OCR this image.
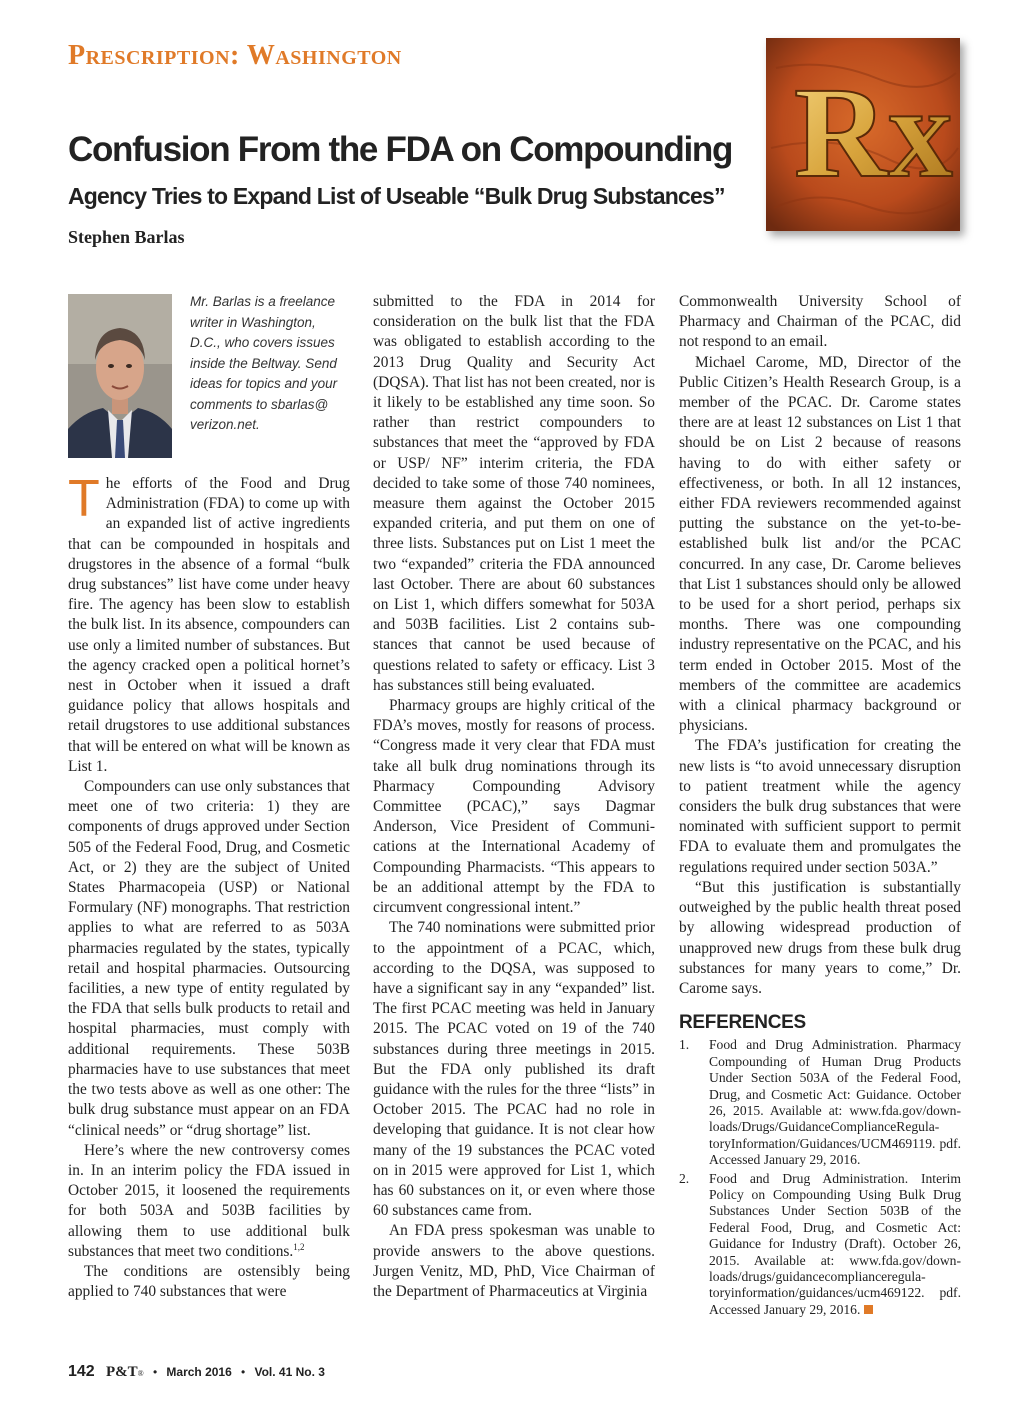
Prescription: Washington
Rx
Confusion From the FDA on Compounding
Agency Tries to Expand List of Useable “Bulk Drug Substances”
Stephen Barlas
Mr. Barlas is a freelance writer in Washington, D.C., who covers issues inside the Beltway. Send ideas for topics and your comments to sbarlas@ verizon.net.

The efforts of the Food and Drug Administration (FDA) to come up with an expanded list of active ingredients that can be compounded in hospitals and drugstores in the absence of a formal “bulk drug substances” list have come under heavy fire. The agency has been slow to establish the bulk list. In its absence, compounders can use only a limited number of substances. But the agency cracked open a political hornet’s nest in October when it issued a draft guidance policy that allows hospitals and retail drugstores to use additional substances that will be entered on what will be known as List 1.

Compounders can use only substances that meet one of two criteria: 1) they are components of drugs approved under Section 505 of the Federal Food, Drug, and Cosmetic Act, or 2) they are the subject of United States Pharmacopeia (USP) or National Formulary (NF) monographs. That restriction applies to what are referred to as 503A pharmacies regulated by the states, typically retail and hospital pharmacies. Outsourcing facilities, a new type of entity regulated by the FDA that sells bulk products to retail and hospital pharmacies, must comply with additional requirements. These 503B pharmacies have to use substances that meet the two tests above as well as one other: The bulk drug substance must appear on an FDA “clinical needs” or “drug shortage” list.

Here’s where the new controversy comes in. In an interim policy the FDA issued in October 2015, it loosened the requirements for both 503A and 503B facilities by allowing them to use additional bulk substances that meet two conditions.$^{1,2}$

The conditions are ostensibly being applied to 740 substances that were

submitted to the FDA in 2014 for consideration on the bulk list that the FDA was obligated to establish according to the 2013 Drug Quality and Security Act (DQSA). That list has not been created, nor is it likely to be established any time soon. So rather than restrict compounders to substances that meet the “approved by FDA or USP/ NF” interim criteria, the FDA decided to take some of those 740 nominees, measure them against the October 2015 expanded criteria, and put them on one of three lists. Substances put on List 1 meet the two “expanded” criteria the FDA announced last October. There are about 60 substances on List 1, which differs somewhat for 503A and 503B facilities. List 2 contains substances that cannot be used because of questions related to safety or efficacy. List 3 has substances still being evaluated.

Pharmacy groups are highly critical of the FDA’s moves, mostly for reasons of process. “Congress made it very clear that FDA must take all bulk drug nominations through its Pharmacy Compounding Advisory Committee (PCAC),” says Dagmar Anderson, Vice President of Communications at the International Academy of Compounding Pharmacists. “This appears to be an additional attempt by the FDA to circumvent congressional intent.”

The 740 nominations were submitted prior to the appointment of a PCAC, which, according to the DQSA, was supposed to have a significant say in any “expanded” list. The first PCAC meeting was held in January 2015. The PCAC voted on 19 of the 740 substances during three meetings in 2015. But the FDA only published its draft guidance with the rules for the three “lists” in October 2015. The PCAC had no role in developing that guidance. It is not clear how many of the 19 substances the PCAC voted on in 2015 were approved for List 1, which has 60 substances on it, or even where those 60 substances came from.

An FDA press spokesman was unable to provide answers to the above questions. Jurgen Venitz, MD, PhD, Vice Chairman of the Department of Pharmaceutics at Virginia

Commonwealth University School of Pharmacy and Chairman of the PCAC, did not respond to an email.

Michael Carome, MD, Director of the Public Citizen’s Health Research Group, is a member of the PCAC. Dr. Carome states there are at least 12 substances on List 1 that should be on List 2 because of reasons having to do with either safety or effectiveness, or both. In all 12 instances, either FDA reviewers recommended against putting the substance on the yet-to-be-established bulk list and/or the PCAC concurred. In any case, Dr. Carome believes that List 1 substances should only be allowed to be used for a short period, perhaps six months. There was one compounding industry representative on the PCAC, and his term ended in October 2015. Most of the members of the committee are academics with a clinical pharmacy background or physicians.

The FDA’s justification for creating the new lists is “to avoid unnecessary disruption to patient treatment while the agency considers the bulk drug substances that were nominated with sufficient support to permit FDA to evaluate them and promulgates the regulations required under section 503A.”

“But this justification is substantially outweighed by the public health threat posed by allowing widespread production of unapproved new drugs from these bulk drug substances for many years to come,” Dr. Carome says.

REFERENCES
1. Food and Drug Administration. Pharmacy Compounding of Human Drug Products Under Section 503A of the Federal Food, Drug, and Cosmetic Act: Guidance. October 26, 2015. Available at: www.fda.gov/downloads/Drugs/GuidanceComplianceRegulatoryInformation/Guidances/UCM469119. pdf. Accessed January 29, 2016.
2. Food and Drug Administration. Interim Policy on Compounding Using Bulk Drug Substances Under Section 503B of the Federal Food, Drug, and Cosmetic Act: Guidance for Industry (Draft). October 26, 2015. Available at: www.fda.gov/downloads/drugs/guidancecomplianceregulatoryinformation/guidances/ucm469122. pdf. Accessed January 29, 2016.
142 P&T® • March 2016 • Vol. 41 No. 3
